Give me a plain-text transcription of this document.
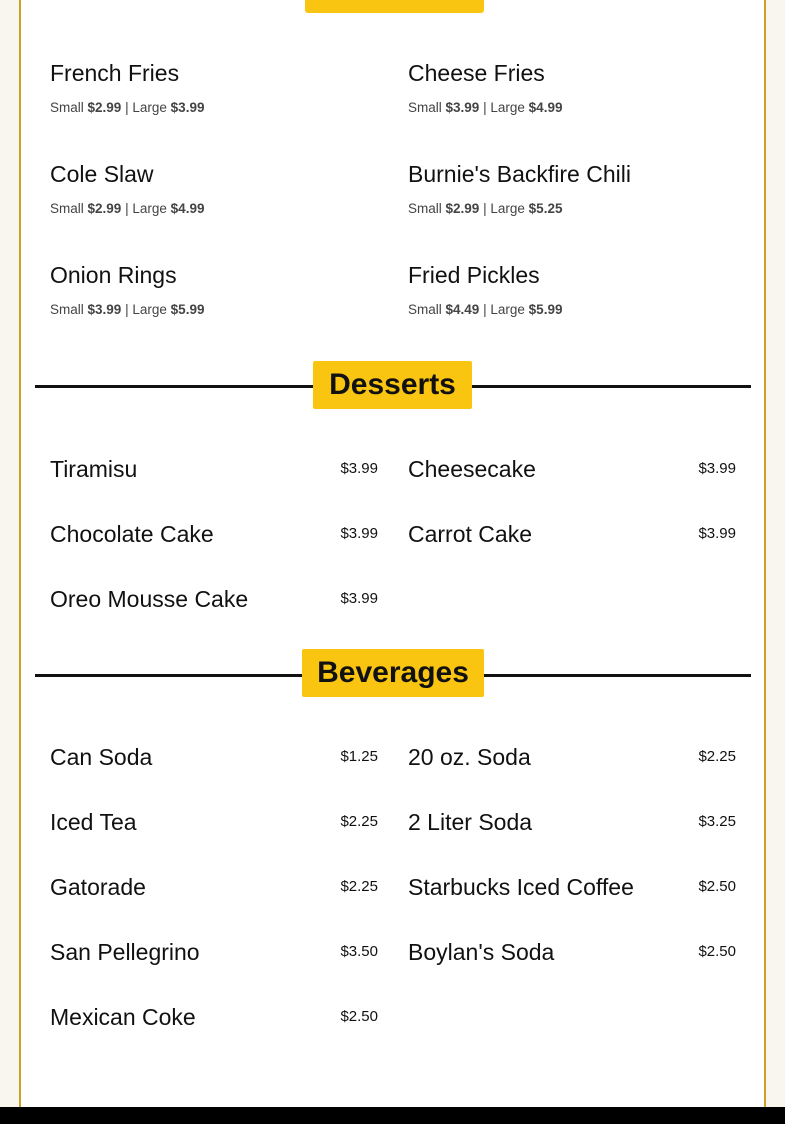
French Fries
Small $2.99 | Large $3.99
Cheese Fries
Small $3.99 | Large $4.99
Cole Slaw
Small $2.99 | Large $4.99
Burnie's Backfire Chili
Small $2.99 | Large $5.25
Onion Rings
Small $3.99 | Large $5.99
Fried Pickles
Small $4.49 | Large $5.99
Desserts
Tiramisu	$3.99 Cheesecake	$3.99
Chocolate Cake	$3.99 Carrot Cake	$3.99
Oreo Mousse Cake	$3.99
Beverages
Can Soda	$1.25 20 oz. Soda	$2.25
Iced Tea	$2.25 2 Liter Soda	$3.25
Gatorade	$2.25 Starbucks Iced Coffee	$2.50
San Pellegrino	$3.50 Boylan's Soda	$2.50
Mexican Coke	$2.50
